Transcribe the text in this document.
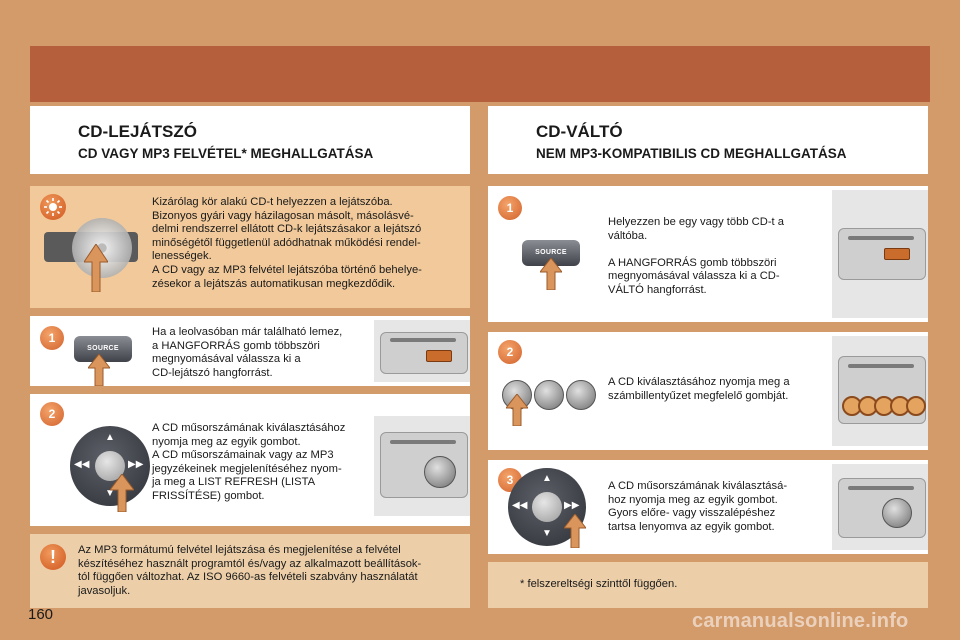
CD-LEJÁTSZÓ
CD VAGY MP3 FELVÉTEL* MEGHALLGATÁSA
CD-VÁLTÓ
NEM MP3-KOMPATIBILIS CD MEGHALLGATÁSA
Kizárólag kör alakú CD-t helyezzen a lejátszóba.
Bizonyos gyári vagy házilagosan másolt, másolásvé-
delmi rendszerrel ellátott CD-k lejátszásakor a lejátszó
minőségétől függetlenül adódhatnak működési rendel-
lenességek.
A CD vagy az MP3 felvétel lejátszóba történő behelye-
zésekor a lejátszás automatikusan megkezdődik.
1
SOURCE
Ha a leolvasóban már található lemez,
a HANGFORRÁS gomb többszöri
megnyomásával válassza ki a
CD-lejátszó hangforrást.
2
▲
▼
◀◀	▶▶
A CD műsorszámának kiválasztásához
nyomja meg az egyik gombot.
A CD műsorszámainak vagy az MP3
jegyzékeinek megjelenítéséhez nyom-
ja meg a LIST REFRESH (LISTA
FRISSÍTÉSE) gombot.
!	Az MP3 formátumú felvétel lejátszása és megjelenítése a felvétel
készítéséhez használt programtól és/vagy az alkalmazott beállítások-
tól függően változhat. Az ISO 9660-as felvételi szabvány használatát
javasoljuk.
1
SOURCE
Helyezzen be egy vagy több CD-t a
váltóba.

A HANGFORRÁS gomb többszöri
megnyomásával válassza ki a CD-
VÁLTÓ hangforrást.
2
A CD kiválasztásához nyomja meg a
számbillentyűzet megfelelő gombját.
3	▲
▼
◀◀	▶▶
A CD műsorszámának kiválasztásá-
hoz nyomja meg az egyik gombot.
Gyors előre- vagy visszalépéshez
tartsa lenyomva az egyik gombot.
* felszereltségi szinttől függően.
160	carmanualsonline.info
